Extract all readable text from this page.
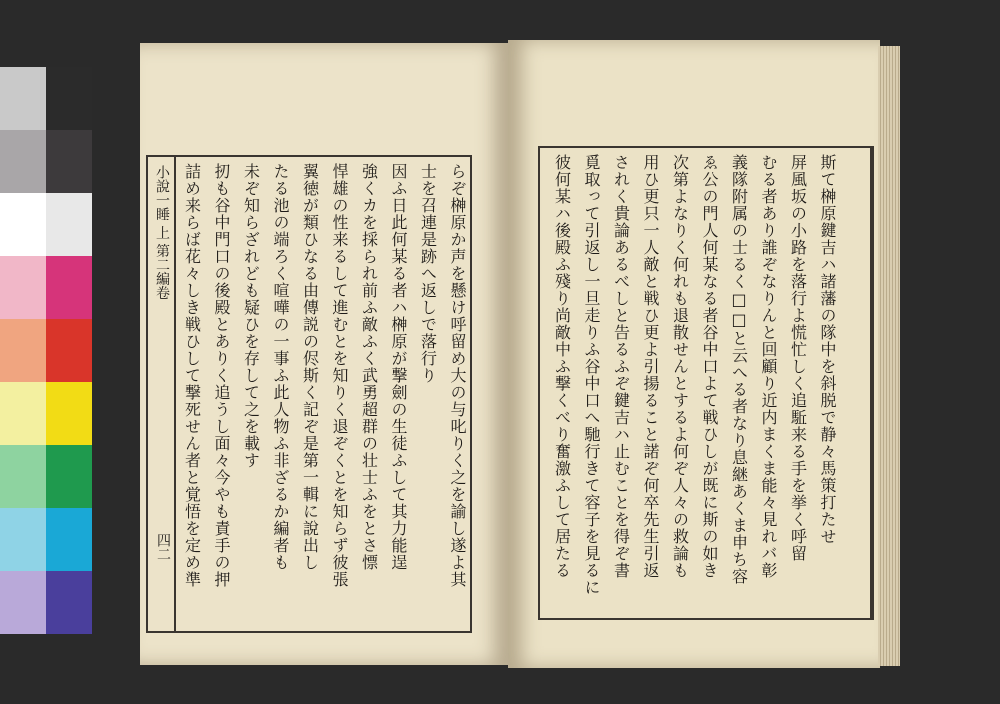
小說一睡 上 第二編卷
四二	らぞ榊原か声を懸け呼留め大の与叱りく之を諭し遂よ其
士を召連是跡へ返しで落行り
因ふ日此何某る者ハ榊原が撃劍の生徒ふして其力能逞
強くカを採られ前ふ敵ふく武勇超群の壮士ふをとさ慓
悍雄の性来るして進むとを知りく退ぞくとを知らず彼張
翼徳が類ひなる由傳説の侭斯く記ぞ是第一輯に說出し
たる池の端ろく喧嘩の一事ふ此人物ふ非ざるか編者も
未ぞ知らざれども疑ひを存して之を載す
扨も谷中門口の後殿とありく追うし面々今やも責手の押
詰め来らば花々しき戦ひして撃死せん者と覚悟を定め準	斯て榊原鍵吉ハ諸藩の隊中を斜脱で静々馬策打たせ
屏風坂の小路を落行よ慌忙しく追駈来る手を挙く呼留
むる者あり誰ぞなりんと回顧り近内まくま能々見れバ彰
義隊附属の士るく□□と云へる者なり息継あくま申ち容
ゑ公の門人何某なる者谷中口よて戦ひしが既に斯の如き
次第よなりく何れも退散せんとするよ何ぞ人々の救論も
用ひ更只一人敵と戦ひ更よ引揚ること諾ぞ何卒先生引返
されく貴論あるべしと告るふぞ鍵吉ハ止むことを得ぞ書
覓取って引返し一旦走りふ谷中口へ馳行きて容子を見るに
彼何某ハ後殿ふ殘り尚敵中ふ撃くべり奮激ふして居たる
